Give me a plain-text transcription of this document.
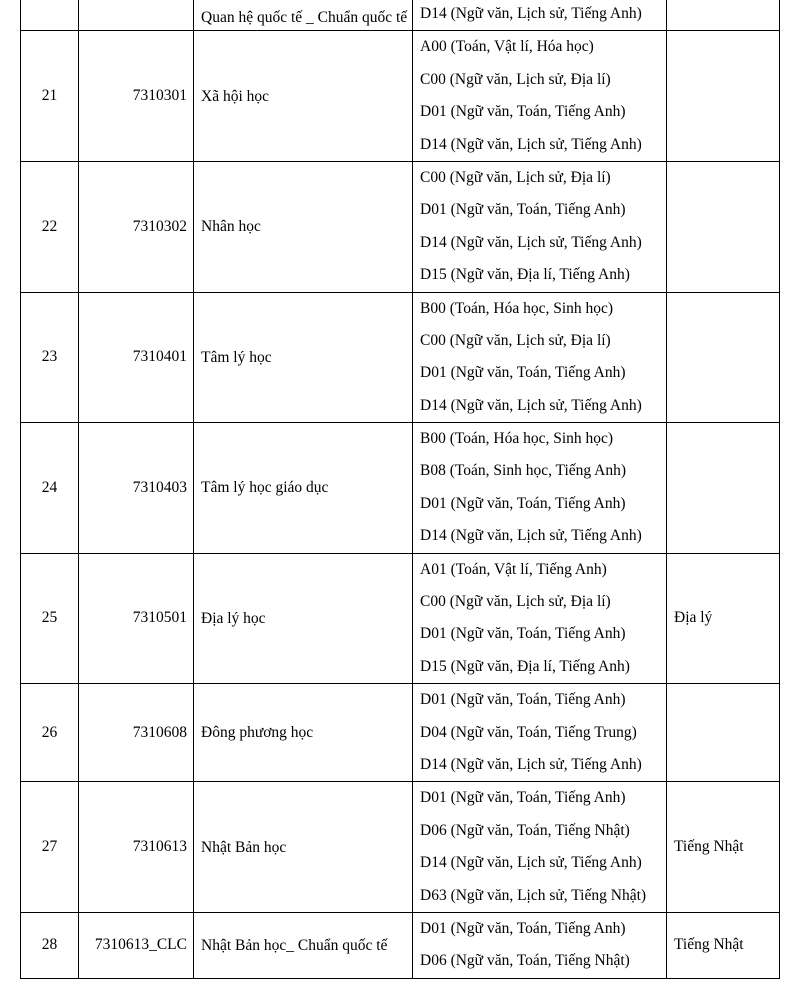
		Quan hệ quốc tế _ Chuẩn quốc tế	D14 (Ngữ văn, Lịch sử, Tiếng Anh)	

21	7310301	Xã hội học	A00 (Toán, Vật lí, Hóa học)
C00 (Ngữ văn, Lịch sử, Địa lí)
D01 (Ngữ văn, Toán, Tiếng Anh)
D14 (Ngữ văn, Lịch sử, Tiếng Anh)	

22	7310302	Nhân học	C00 (Ngữ văn, Lịch sử, Địa lí)
D01 (Ngữ văn, Toán, Tiếng Anh)
D14 (Ngữ văn, Lịch sử, Tiếng Anh)
D15 (Ngữ văn, Địa lí, Tiếng Anh)	

23	7310401	Tâm lý học	B00 (Toán, Hóa học, Sinh học)
C00 (Ngữ văn, Lịch sử, Địa lí)
D01 (Ngữ văn, Toán, Tiếng Anh)
D14 (Ngữ văn, Lịch sử, Tiếng Anh)	

24	7310403	Tâm lý học giáo dục	B00 (Toán, Hóa học, Sinh học)
B08 (Toán, Sinh học, Tiếng Anh)
D01 (Ngữ văn, Toán, Tiếng Anh)
D14 (Ngữ văn, Lịch sử, Tiếng Anh)	

25	7310501	Địa lý học	A01 (Toán, Vật lí, Tiếng Anh)
C00 (Ngữ văn, Lịch sử, Địa lí)
D01 (Ngữ văn, Toán, Tiếng Anh)
D15 (Ngữ văn, Địa lí, Tiếng Anh)	Địa lý
26	7310608	Đông phương học	D01 (Ngữ văn, Toán, Tiếng Anh)
D04 (Ngữ văn, Toán, Tiếng Trung)
D14 (Ngữ văn, Lịch sử, Tiếng Anh)	

27	7310613	Nhật Bản học	D01 (Ngữ văn, Toán, Tiếng Anh)
D06 (Ngữ văn, Toán, Tiếng Nhật)
D14 (Ngữ văn, Lịch sử, Tiếng Anh)
D63 (Ngữ văn, Lịch sử, Tiếng Nhật)	Tiếng Nhật
28	7310613_CLC	Nhật Bản học_ Chuẩn quốc tế	D01 (Ngữ văn, Toán, Tiếng Anh)
D06 (Ngữ văn, Toán, Tiếng Nhật)	Tiếng Nhật
